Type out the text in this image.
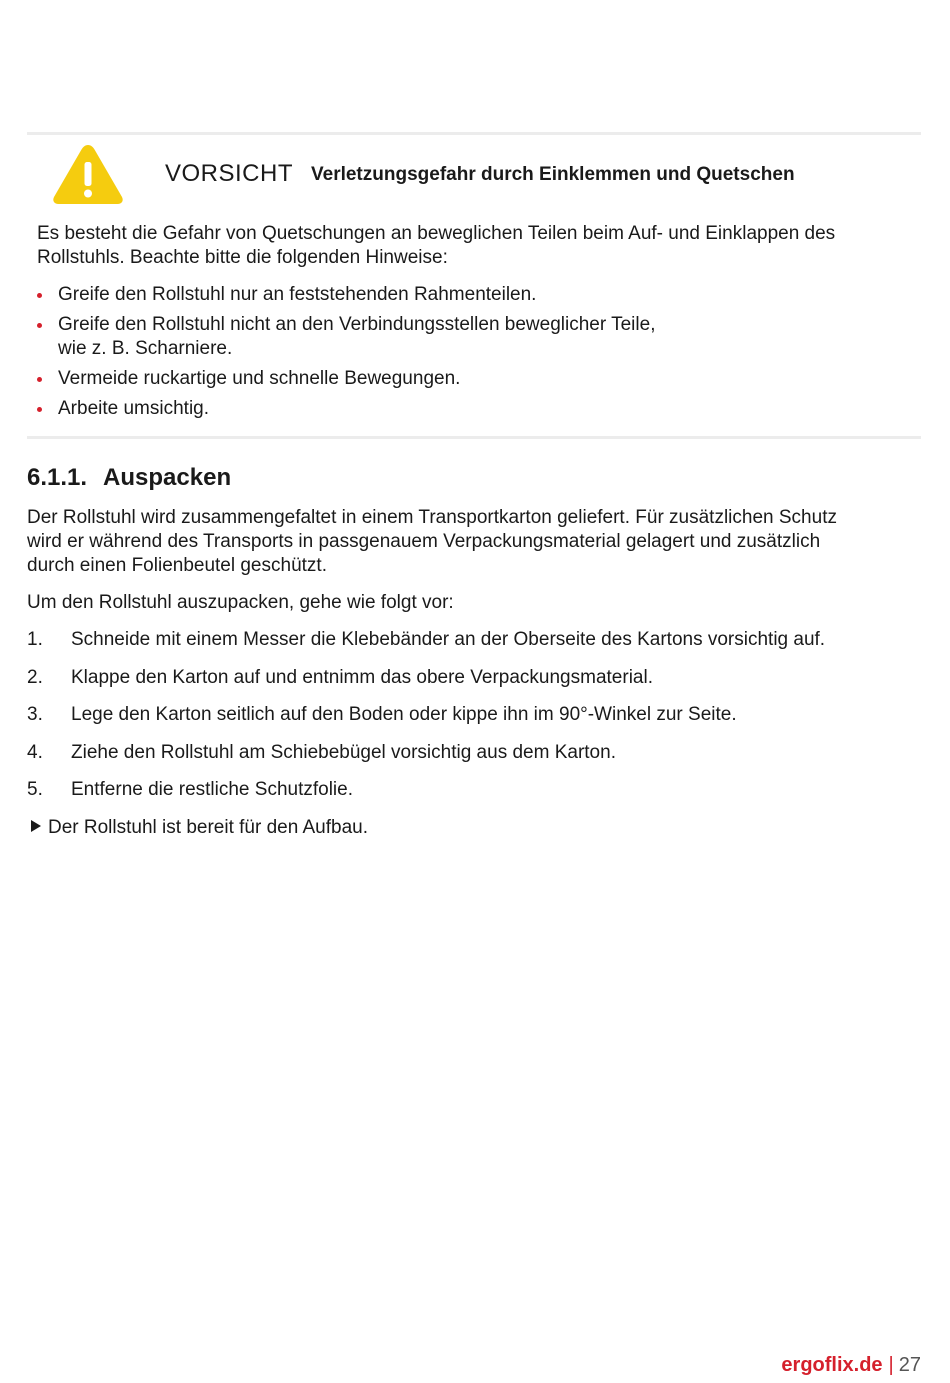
VORSICHT Verletzungsgefahr durch Einklemmen und Quetschen
Es besteht die Gefahr von Quetschungen an beweglichen Teilen beim Auf- und Einklappen des
Rollstuhls. Beachte bitte die folgenden Hinweise:
Greife den Rollstuhl nur an feststehenden Rahmenteilen.
Greife den Rollstuhl nicht an den Verbindungsstellen beweglicher Teile,
wie z. B. Scharniere.
Vermeide ruckartige und schnelle Bewegungen.
Arbeite umsichtig.
6.1.1. Auspacken
Der Rollstuhl wird zusammengefaltet in einem Transportkarton geliefert. Für zusätzlichen Schutz
wird er während des Transports in passgenauem Verpackungsmaterial gelagert und zusätzlich
durch einen Folienbeutel geschützt.
Um den Rollstuhl auszupacken, gehe wie folgt vor:
1. Schneide mit einem Messer die Klebebänder an der Oberseite des Kartons vorsichtig auf.
2. Klappe den Karton auf und entnimm das obere Verpackungsmaterial.
3. Lege den Karton seitlich auf den Boden oder kippe ihn im 90°-Winkel zur Seite.
4. Ziehe den Rollstuhl am Schiebebügel vorsichtig aus dem Karton.
5. Entferne die restliche Schutzfolie.
Der Rollstuhl ist bereit für den Aufbau.
ergoflix.de | 27
